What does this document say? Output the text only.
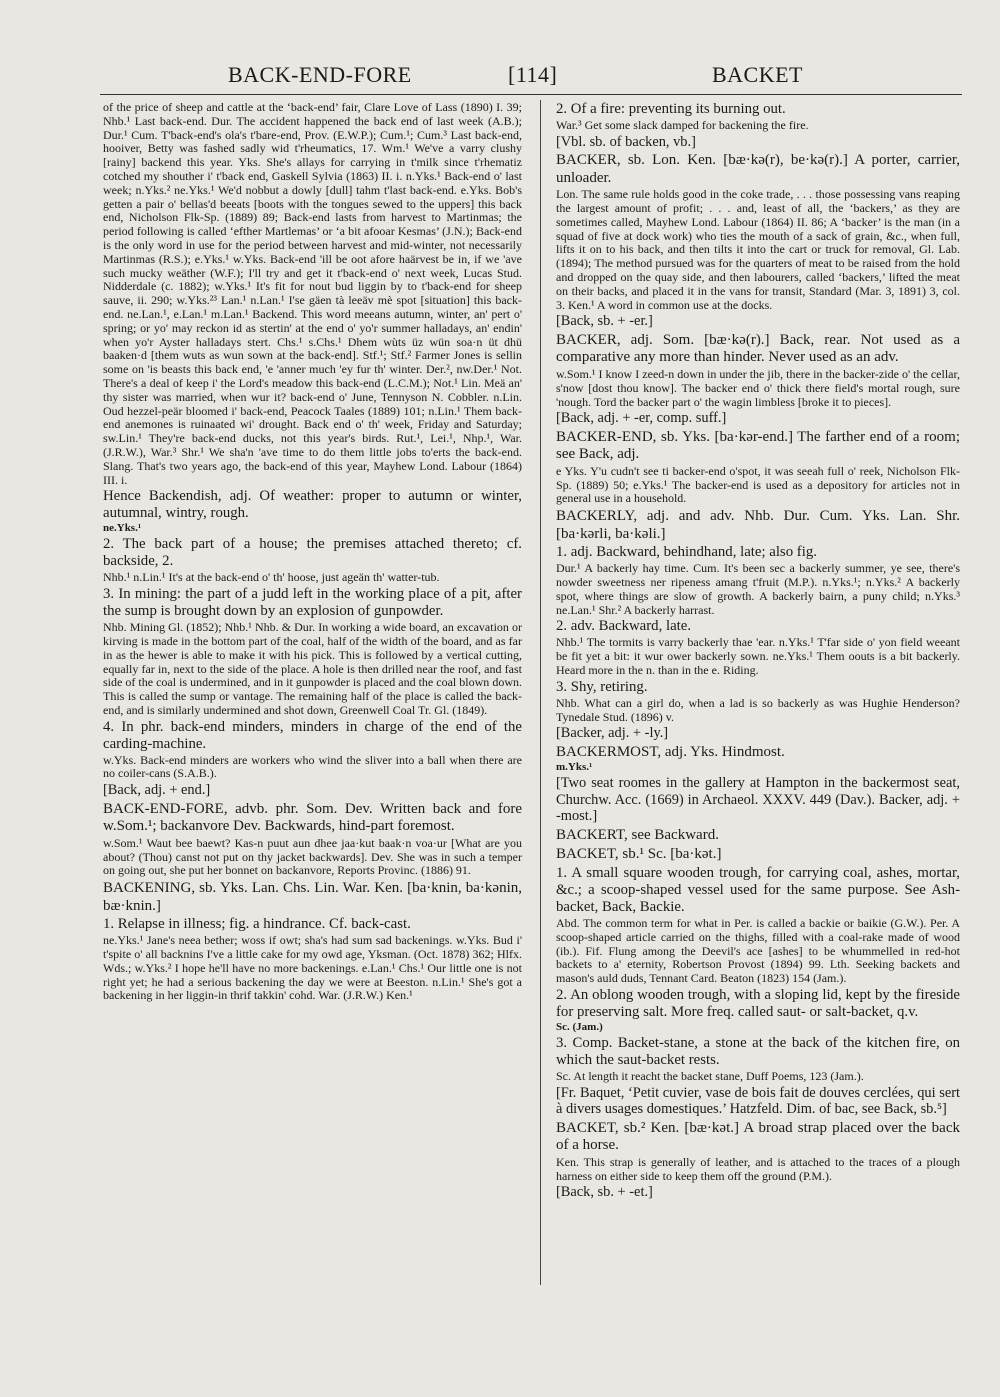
BACK-END-FORE	[114]	BACKET

of the price of sheep and cattle at the ‘back-end’ fair, Clare Love of Lass (1890) I. 39; Nhb.¹ Last back-end. Dur. The accident happened the back end of last week (A.B.); Dur.¹ Cum. T'back-end's ola's t'bare-end, Prov. (E.W.P.); Cum.¹; Cum.³ Last back-end, hooiver, Betty was fashed sadly wid t'rheumatics, 17. Wm.¹ We've a varry clushy [rainy] backend this year. Yks. She's allays for carrying in t'milk since t'rhematiz cotched my shouther i' t'back end, Gaskell Sylvia (1863) II. i. n.Yks.¹ Back-end o' last week; n.Yks.² ne.Yks.¹ We'd nobbut a dowly [dull] tahm t'last back-end. e.Yks. Bob's getten a pair o' bellas'd beeats [boots with the tongues sewed to the uppers] this back end, Nicholson Flk-Sp. (1889) 89; Back-end lasts from harvest to Martinmas; the period following is called ‘efther Martlemas’ or ‘a bit afooar Kesmas’ (J.N.); Back-end is the only word in use for the period between harvest and mid-winter, not necessarily Martinmas (R.S.); e.Yks.¹ w.Yks. Back-end 'ill be oot afore haärvest be in, if we 'ave such mucky weäther (W.F.); I'll try and get it t'back-end o' next week, Lucas Stud. Nidderdale (c. 1882); w.Yks.¹ It's fit for nout bud liggin by to t'back-end for sheep sauve, ii. 290; w.Yks.²³ Lan.¹ n.Lan.¹ I'se gäen tà leeäv mè spot [situation] this back-end. ne.Lan.¹, e.Lan.¹ m.Lan.¹ Backend. This word meeans autumn, winter, an' pert o' spring; or yo' may reckon id as stertin' at the end o' yo'r summer halladays, an' endin' when yo'r Ayster halladays stert. Chs.¹ s.Chs.¹ Dhem wùts üz wün soa·n üt dhü baaken·d [them wuts as wun sown at the back-end]. Stf.¹; Stf.² Farmer Jones is sellin some on 'is beasts this back end, 'e 'anner much 'ey fur th' winter. Der.², nw.Der.¹ Not. There's a deal of keep i' the Lord's meadow this back-end (L.C.M.); Not.¹ Lin. Meä an' thy sister was married, when wur it? back-end o' June, Tennyson N. Cobbler. n.Lin. Oud hezzel-peär bloomed i' back-end, Peacock Taales (1889) 101; n.Lin.¹ Them back-end anemones is ruinaated wi' drought. Back end o' th' week, Friday and Saturday; sw.Lin.¹ They're back-end ducks, not this year's birds. Rut.¹, Lei.¹, Nhp.¹, War. (J.R.W.), War.³ Shr.¹ We sha'n 'ave time to do them little jobs to'erts the back-end. Slang. That's two years ago, the back-end of this year, Mayhew Lond. Labour (1864) III. i.

Hence Backendish, adj. Of weather: proper to autumn or winter, autumnal, wintry, rough.

ne.Yks.¹

2. The back part of a house; the premises attached thereto; cf. backside, 2.

Nhb.¹ n.Lin.¹ It's at the back-end o' th' hoose, just ageän th' watter-tub.

3. In mining: the part of a judd left in the working place of a pit, after the sump is brought down by an explosion of gunpowder.

Nhb. Mining Gl. (1852); Nhb.¹ Nhb. & Dur. In working a wide board, an excavation or kirving is made in the bottom part of the coal, half of the width of the board, and as far in as the hewer is able to make it with his pick. This is followed by a vertical cutting, equally far in, next to the side of the place. A hole is then drilled near the roof, and fast side of the coal is undermined, and in it gunpowder is placed and the coal blown down. This is called the sump or vantage. The remaining half of the place is called the back-end, and is similarly undermined and shot down, Greenwell Coal Tr. Gl. (1849).

4. In phr. back-end minders, minders in charge of the end of the carding-machine.

w.Yks. Back-end minders are workers who wind the sliver into a ball when there are no coiler-cans (S.A.B.).

[Back, adj. + end.]

BACK-END-FORE, advb. phr. Som. Dev. Written back and fore w.Som.¹; backanvore Dev. Backwards, hind-part foremost.

w.Som.¹ Waut bee baewt? Kas-n puut aun dhee jaa·kut baak·n voa·ur [What are you about? (Thou) canst not put on thy jacket backwards]. Dev. She was in such a temper on going out, she put her bonnet on backanvore, Reports Provinc. (1886) 91.

BACKENING, sb. Yks. Lan. Chs. Lin. War. Ken. [ba·knin, ba·kənin, bæ·knin.]

1. Relapse in illness; fig. a hindrance. Cf. back-cast.

ne.Yks.¹ Jane's neea bether; woss if owt; sha's had sum sad backenings. w.Yks. Bud i' t'spite o' all backnins I've a little cake for my owd age, Yksman. (Oct. 1878) 362; Hlfx. Wds.; w.Yks.² I hope he'll have no more backenings. e.Lan.¹ Chs.¹ Our little one is not right yet; he had a serious backening the day we were at Beeston. n.Lin.¹ She's got a backening in her liggin-in thrif takkin' cohd. War. (J.R.W.) Ken.¹

2. Of a fire: preventing its burning out.

War.³ Get some slack damped for backening the fire.

[Vbl. sb. of backen, vb.]

BACKER, sb. Lon. Ken. [bæ·kə(r), be·kə(r).] A porter, carrier, unloader.

Lon. The same rule holds good in the coke trade, . . . those possessing vans reaping the largest amount of profit; . . . and, least of all, the ‘backers,’ as they are sometimes called, Mayhew Lond. Labour (1864) II. 86; A ‘backer’ is the man (in a squad of five at dock work) who ties the mouth of a sack of grain, &c., when full, lifts it on to his back, and then tilts it into the cart or truck for removal, Gl. Lab. (1894); The method pursued was for the quarters of meat to be raised from the hold and dropped on the quay side, and then labourers, called ‘backers,’ lifted the meat on their backs, and placed it in the vans for transit, Standard (Mar. 3, 1891) 3, col. 3. Ken.¹ A word in common use at the docks.

[Back, sb. + -er.]

BACKER, adj. Som. [bæ·kə(r).] Back, rear. Not used as a comparative any more than hinder. Never used as an adv.

w.Som.¹ I know I zeed-n down in under the jib, there in the backer-zide o' the cellar, s'now [dost thou know]. The backer end o' thick there field's mortal rough, sure 'nough. Tord the backer part o' the wagin limbless [broke it to pieces].

[Back, adj. + -er, comp. suff.]

BACKER-END, sb. Yks. [ba·kər-end.] The farther end of a room; see Back, adj.

e Yks. Y'u cudn't see ti backer-end o'spot, it was seeah full o' reek, Nicholson Flk-Sp. (1889) 50; e.Yks.¹ The backer-end is used as a depository for articles not in general use in a household.

BACKERLY, adj. and adv. Nhb. Dur. Cum. Yks. Lan. Shr. [ba·kərli, ba·kəli.]

1. adj. Backward, behindhand, late; also fig.

Dur.¹ A backerly hay time. Cum. It's been sec a backerly summer, ye see, there's nowder sweetness ner ripeness amang t'fruit (M.P.). n.Yks.¹; n.Yks.² A backerly spot, where things are slow of growth. A backerly bairn, a puny child; n.Yks.³ ne.Lan.¹ Shr.² A backerly harrast.

2. adv. Backward, late.

Nhb.¹ The tormits is varry backerly thae 'ear. n.Yks.¹ T'far side o' yon field weeant be fit yet a bit: it wur ower backerly sown. ne.Yks.¹ Them oouts is a bit backerly. Heard more in the n. than in the e. Riding.

3. Shy, retiring.

Nhb. What can a girl do, when a lad is so backerly as was Hughie Henderson? Tynedale Stud. (1896) v.

[Backer, adj. + -ly.]

BACKERMOST, adj. Yks. Hindmost.

m.Yks.¹

[Two seat roomes in the gallery at Hampton in the backermost seat, Churchw. Acc. (1669) in Archaeol. XXXV. 449 (Dav.). Backer, adj. + -most.]

BACKERT, see Backward.

BACKET, sb.¹ Sc. [ba·kət.]

1. A small square wooden trough, for carrying coal, ashes, mortar, &c.; a scoop-shaped vessel used for the same purpose. See Ash-backet, Back, Backie.

Abd. The common term for what in Per. is called a backie or baikie (G.W.). Per. A scoop-shaped article carried on the thighs, filled with a coal-rake made of wood (ib.). Fif. Flung among the Deevil's ace [ashes] to be whummelled in red-hot backets to a' eternity, Robertson Provost (1894) 99. Lth. Seeking backets and mason's auld duds, Tennant Card. Beaton (1823) 154 (Jam.).

2. An oblong wooden trough, with a sloping lid, kept by the fireside for preserving salt. More freq. called saut- or salt-backet, q.v.

Sc. (Jam.)

3. Comp. Backet-stane, a stone at the back of the kitchen fire, on which the saut-backet rests.

Sc. At length it reacht the backet stane, Duff Poems, 123 (Jam.).

[Fr. Baquet, ‘Petit cuvier, vase de bois fait de douves cerclées, qui sert à divers usages domestiques.’ Hatzfeld. Dim. of bac, see Back, sb.⁵]

BACKET, sb.² Ken. [bæ·kət.] A broad strap placed over the back of a horse.

Ken. This strap is generally of leather, and is attached to the traces of a plough harness on either side to keep them off the ground (P.M.).

[Back, sb. + -et.]
